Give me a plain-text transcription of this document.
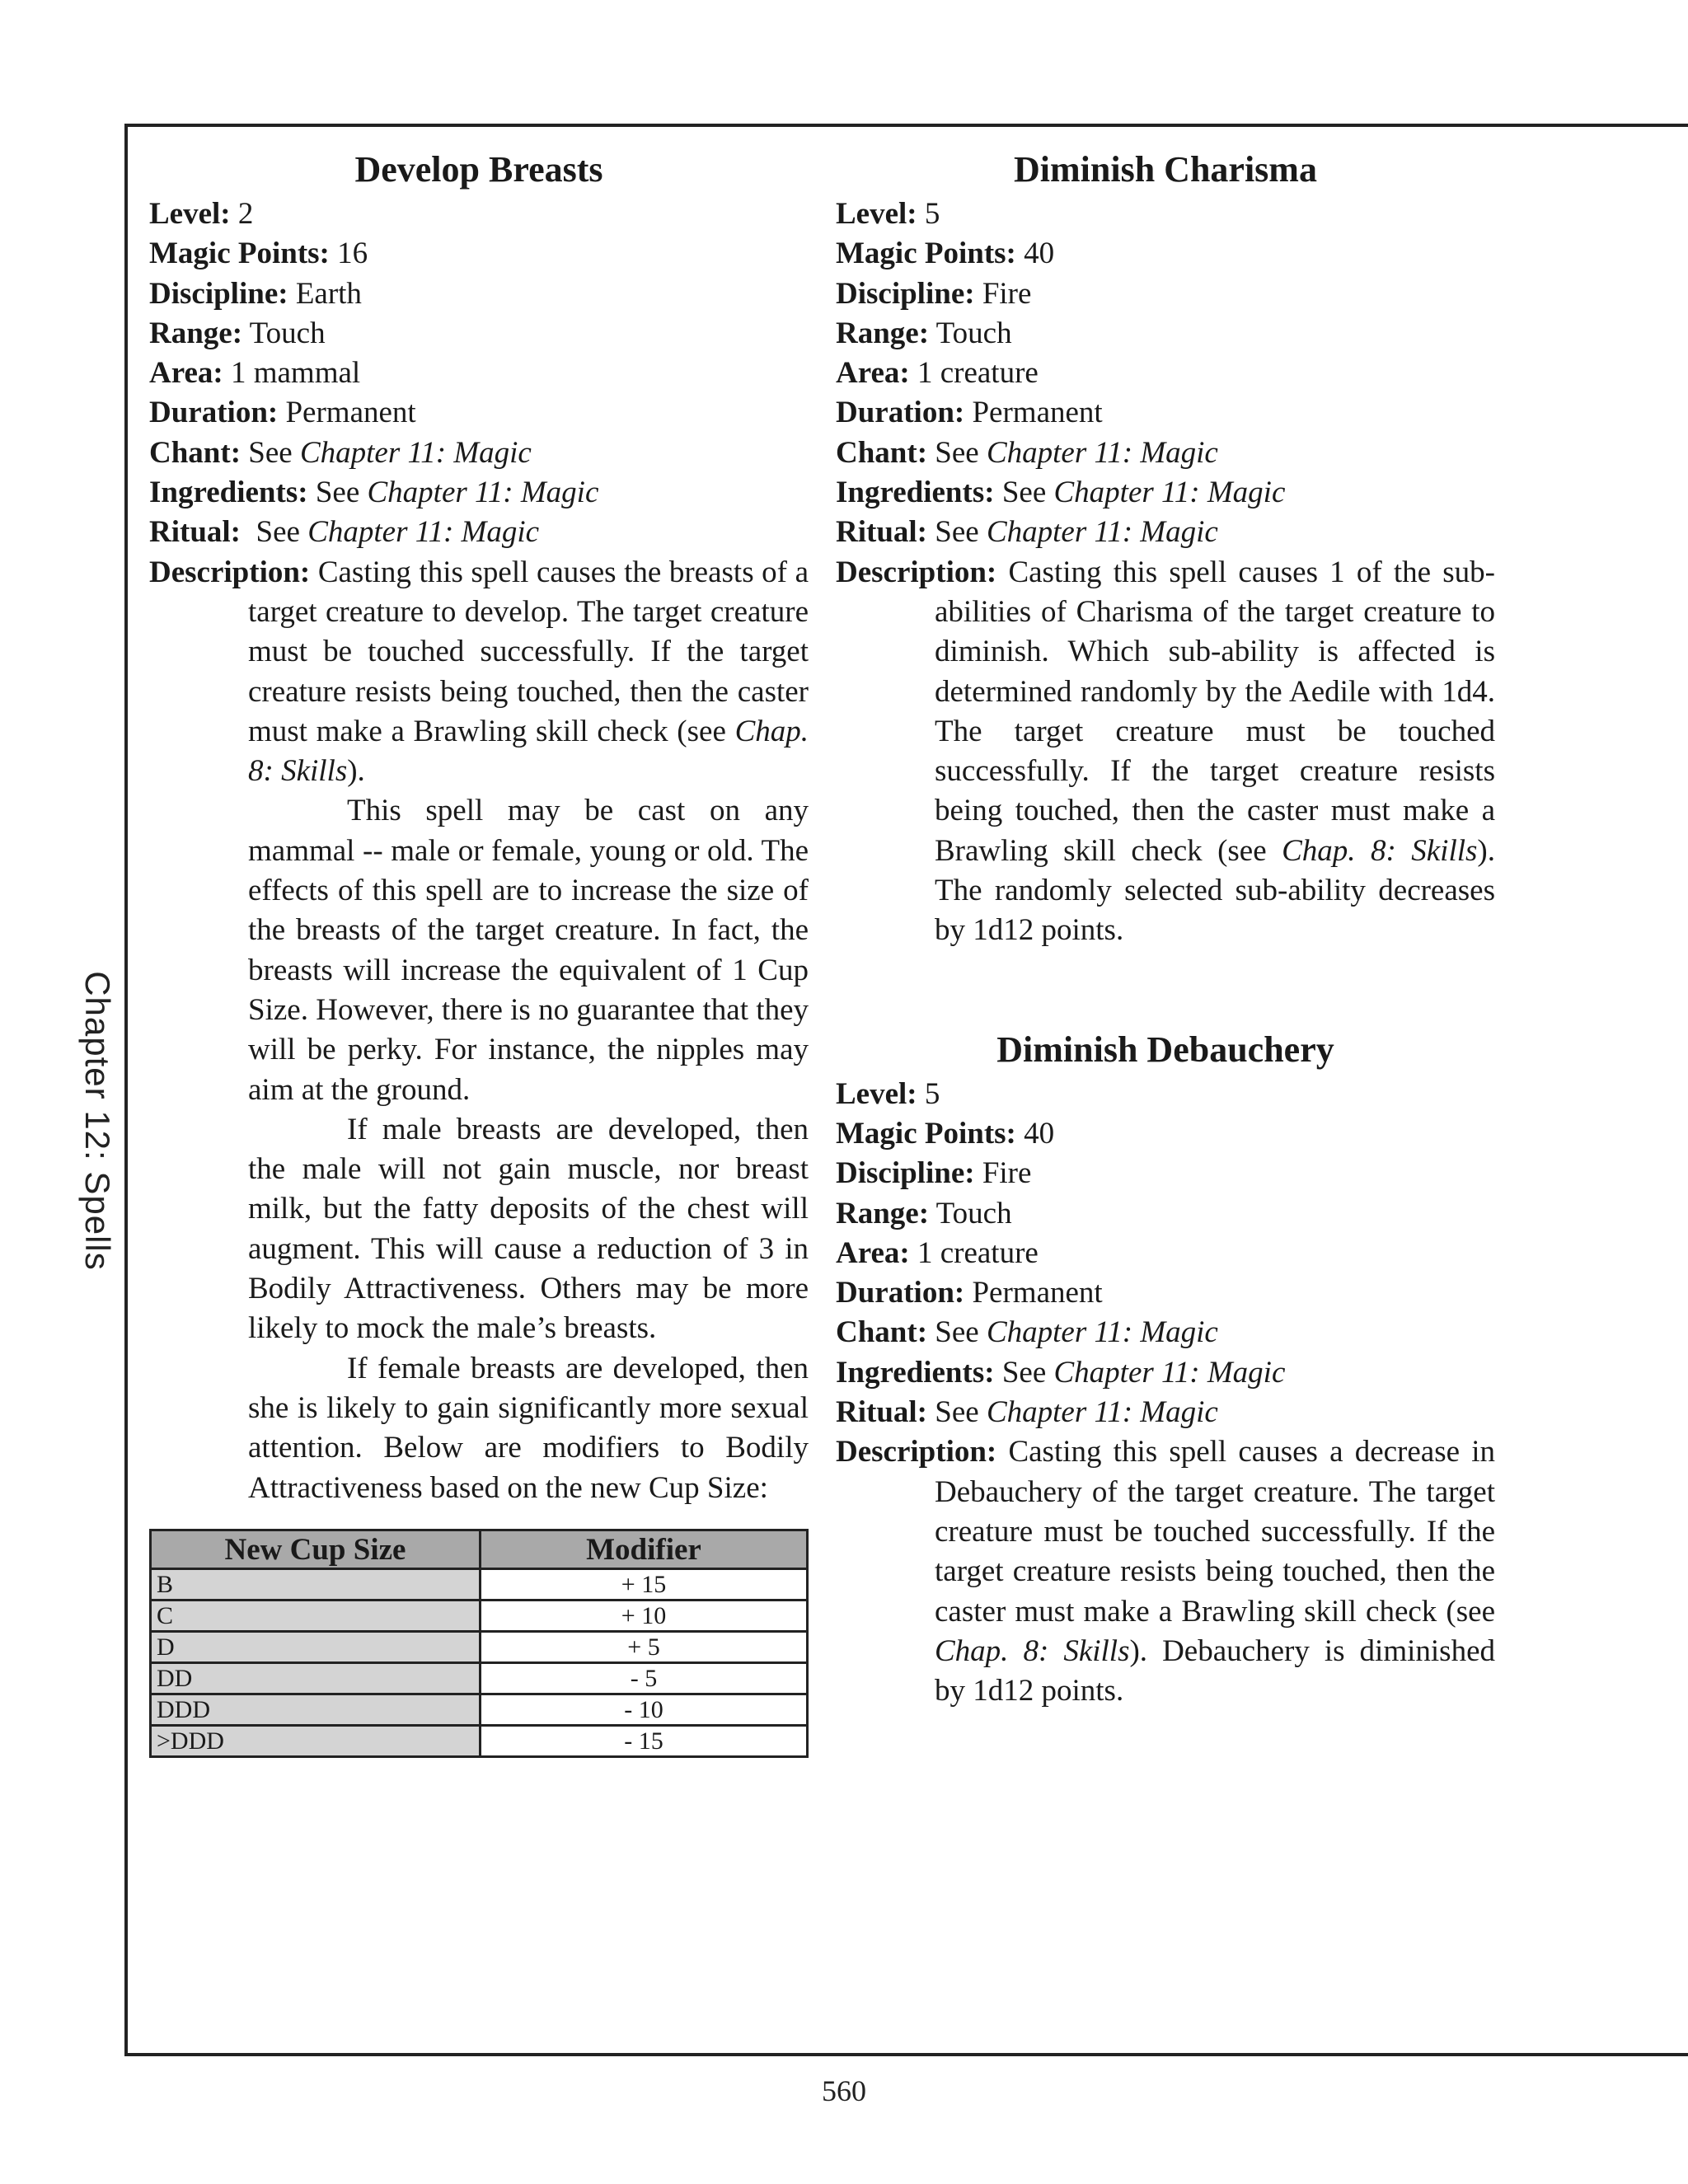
Chapter 12: Spells
Develop Breasts

Level: 2

Magic Points: 16

Discipline: Earth

Range: Touch

Area: 1 mammal

Duration: Permanent

Chant: See Chapter 11: Magic

Ingredients: See Chapter 11: Magic

Ritual: See Chapter 11: Magic

Description: Casting this spell causes the breasts of a target creature to develop. The target creature must be touched successfully. If the target creature resists being touched, then the caster must make a Brawling skill check (see Chap. 8: Skills).

This spell may be cast on any mammal -- male or female, young or old. The effects of this spell are to increase the size of the breasts of the target creature. In fact, the breasts will increase the equivalent of 1 Cup Size. However, there is no guarantee that they will be perky. For instance, the nipples may aim at the ground.

If male breasts are developed, then the male will not gain muscle, nor breast milk, but the fatty deposits of the chest will augment. This will cause a reduction of 3 in Bodily Attractiveness. Others may be more likely to mock the male’s breasts.

If female breasts are developed, then she is likely to gain significantly more sexual attention. Below are modifiers to Bodily Attractiveness based on the new Cup Size:

New Cup Size	Modifier
B	+ 15
C	+ 10
D	+ 5
DD	- 5
DDD	- 10
>DDD	- 15
Diminish Charisma

Level: 5

Magic Points: 40

Discipline: Fire

Range: Touch

Area: 1 creature

Duration: Permanent

Chant: See Chapter 11: Magic

Ingredients: See Chapter 11: Magic

Ritual: See Chapter 11: Magic

Description: Casting this spell causes 1 of the sub-abilities of Charisma of the target creature to diminish. Which sub-ability is affected is determined randomly by the Aedile with 1d4. The target creature must be touched successfully. If the target creature resists being touched, then the caster must make a Brawling skill check (see Chap. 8: Skills). The randomly selected sub-ability decreases by 1d12 points.

Diminish Debauchery

Level: 5

Magic Points: 40

Discipline: Fire

Range: Touch

Area: 1 creature

Duration: Permanent

Chant: See Chapter 11: Magic

Ingredients: See Chapter 11: Magic

Ritual: See Chapter 11: Magic

Description: Casting this spell causes a decrease in Debauchery of the target creature. The target creature must be touched successfully. If the target creature resists being touched, then the caster must make a Brawling skill check (see Chap. 8: Skills). Debauchery is diminished by 1d12 points.

560
